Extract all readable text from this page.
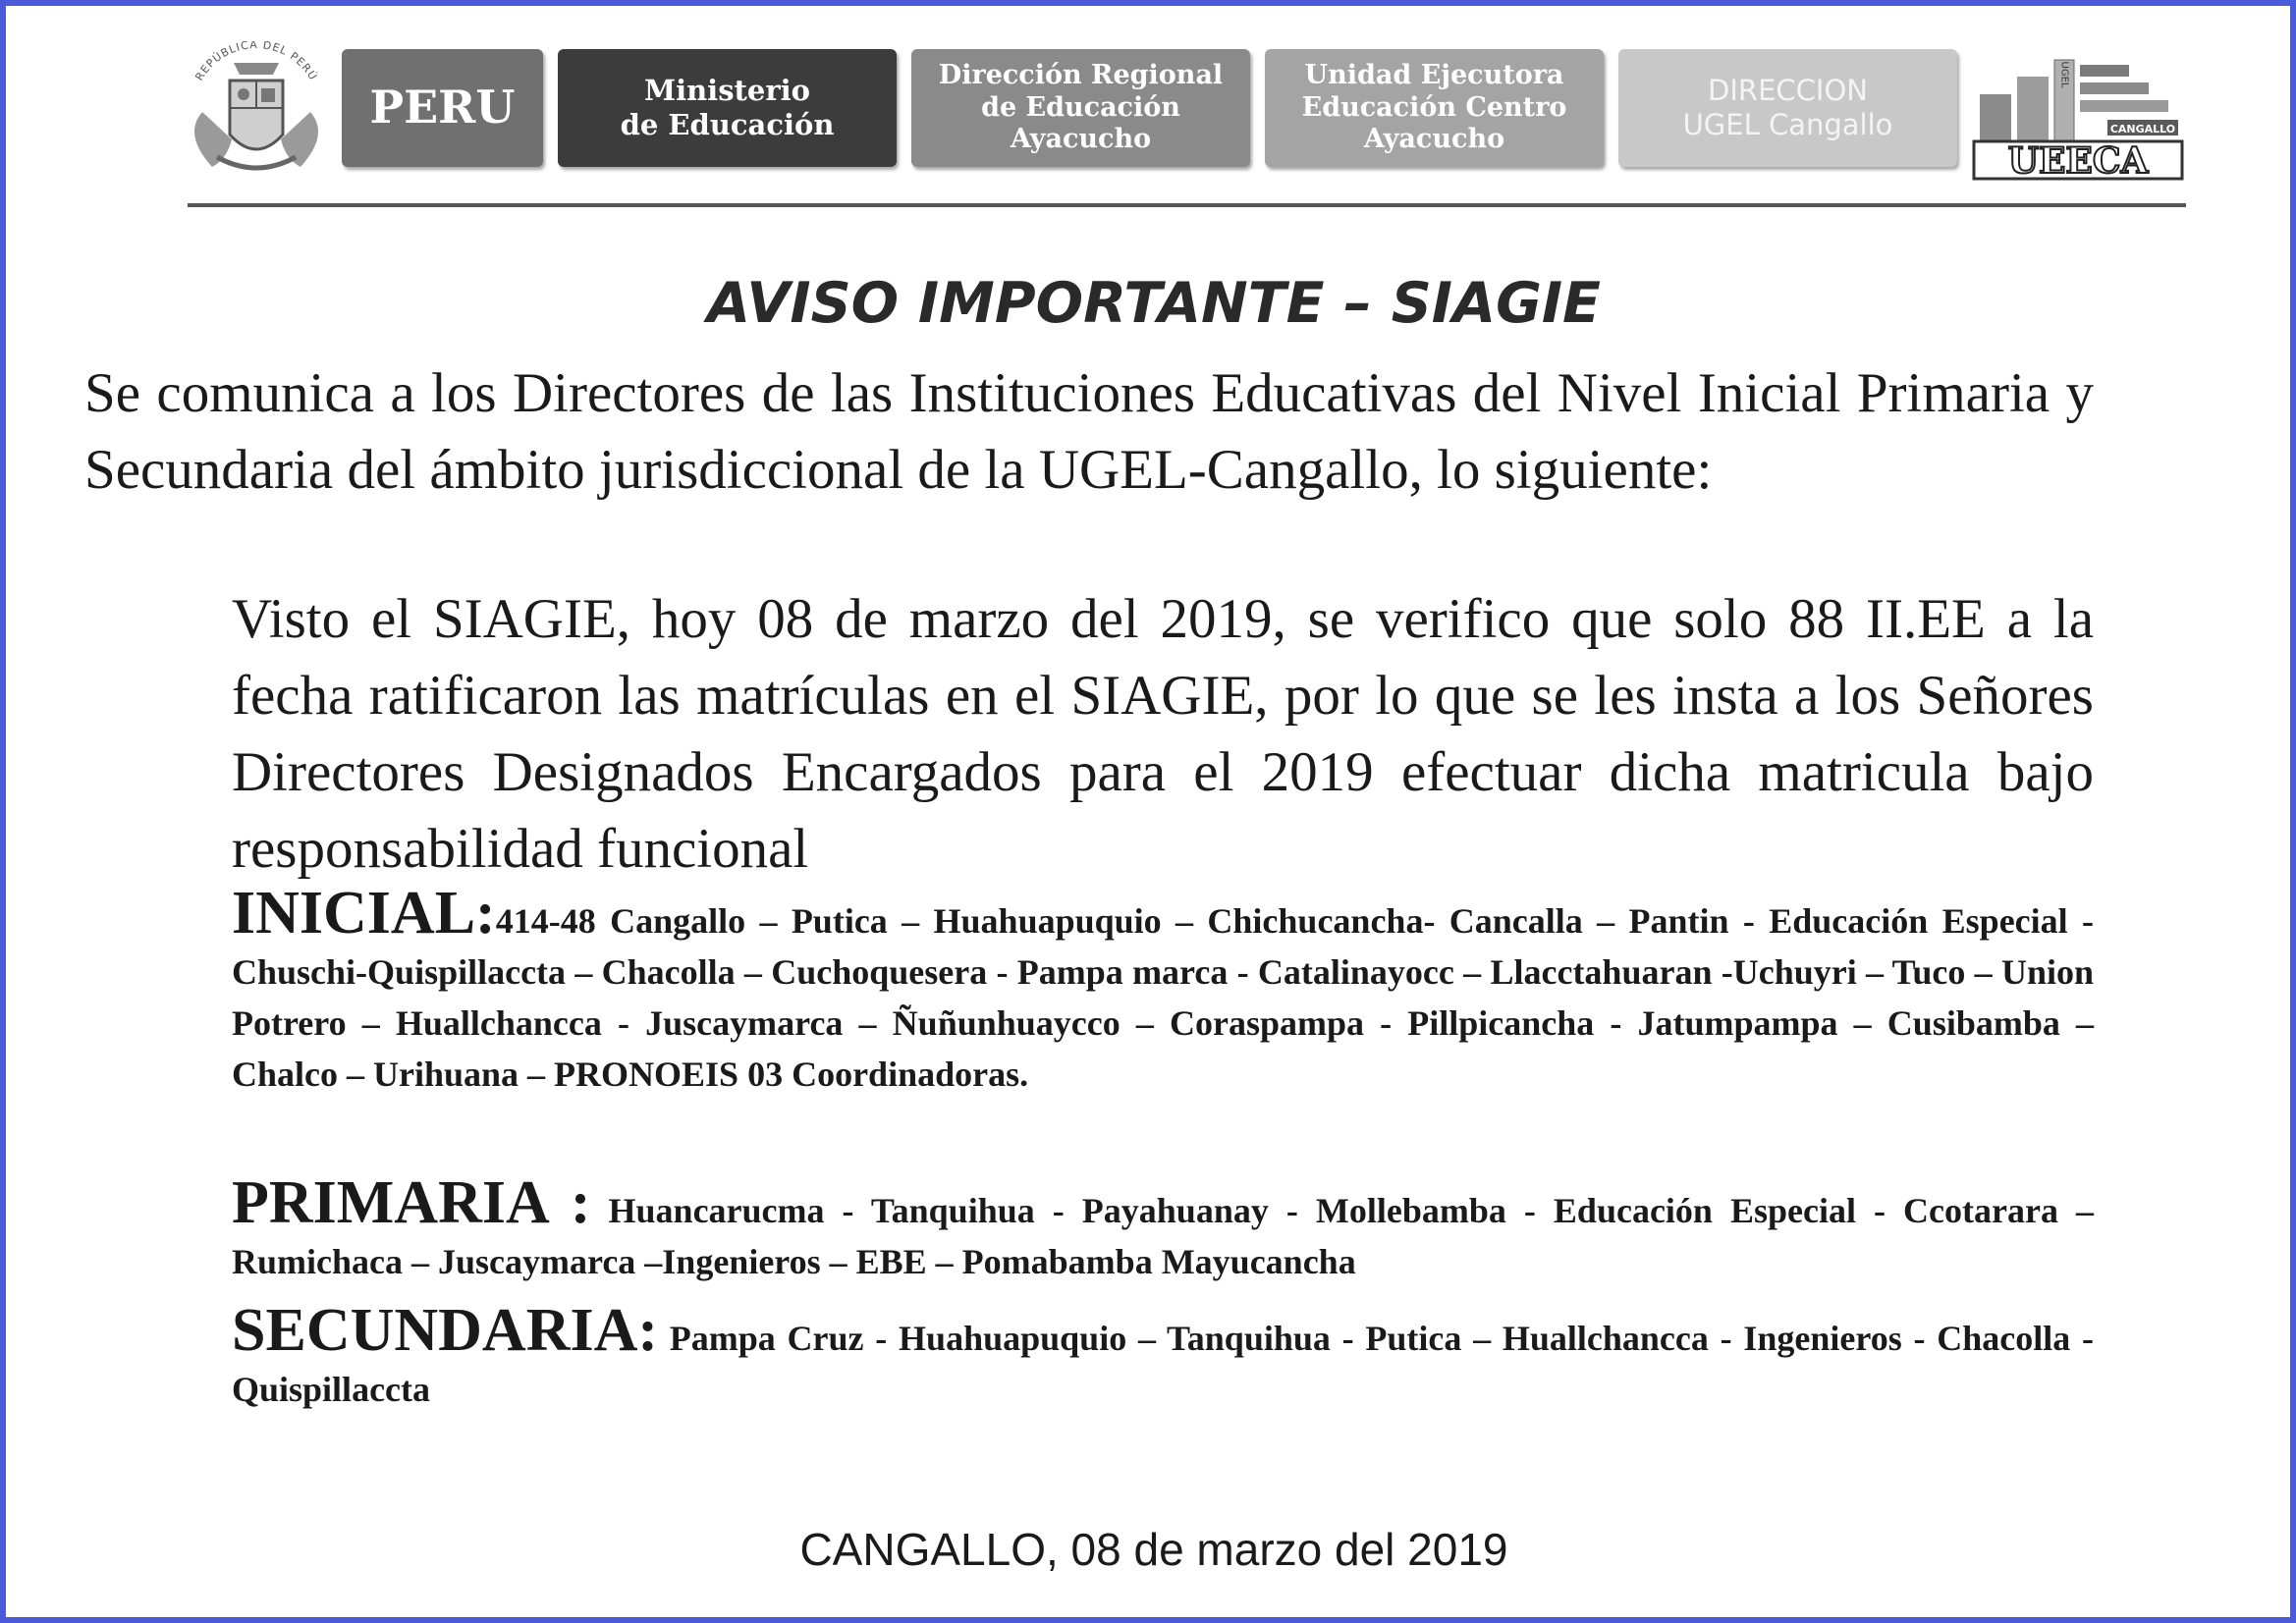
REPÚBLICA DEL PERÚ
PERU	Ministerio
de Educación
Dirección Regional
de Educación
Ayacucho
Unidad Ejecutora
Educación Centro
Ayacucho
DIRECCION
UGEL Cangallo	CANGALLO
UGEL
UEECA
AVISO IMPORTANTE – SIAGIE

Se comunica a los Directores de las Instituciones Educativas del Nivel Inicial Primaria y Secundaria del ámbito jurisdiccional de la UGEL-Cangallo, lo siguiente:

Visto el SIAGIE, hoy 08 de marzo del 2019, se verifico que solo 88 II.EE a la fecha ratificaron las matrículas en el SIAGIE, por lo que se les insta a los Señores Directores Designados Encargados para el 2019 efectuar dicha matricula bajo responsabilidad funcional

INICIAL:414-48 Cangallo – Putica – Huahuapuquio – Chichucancha- Cancalla – Pantin - Educación Especial -Chuschi-Quispillaccta – Chacolla – Cuchoquesera - Pampa marca - Catalinayocc – Llacctahuaran -Uchuyri – Tuco – Union Potrero – Huallchancca - Juscaymarca – Ñuñunhuaycco – Coraspampa - Pillpicancha - Jatumpampa – Cusibamba – Chalco – Urihuana – PRONOEIS 03 Coordinadoras.

PRIMARIA : Huancarucma - Tanquihua - Payahuanay - Mollebamba - Educación Especial - Ccotarara – Rumichaca – Juscaymarca –Ingenieros – EBE – Pomabamba Mayucancha

SECUNDARIA: Pampa Cruz - Huahuapuquio – Tanquihua - Putica – Huallchancca - Ingenieros - Chacolla - Quispillaccta

CANGALLO, 08 de marzo del 2019
